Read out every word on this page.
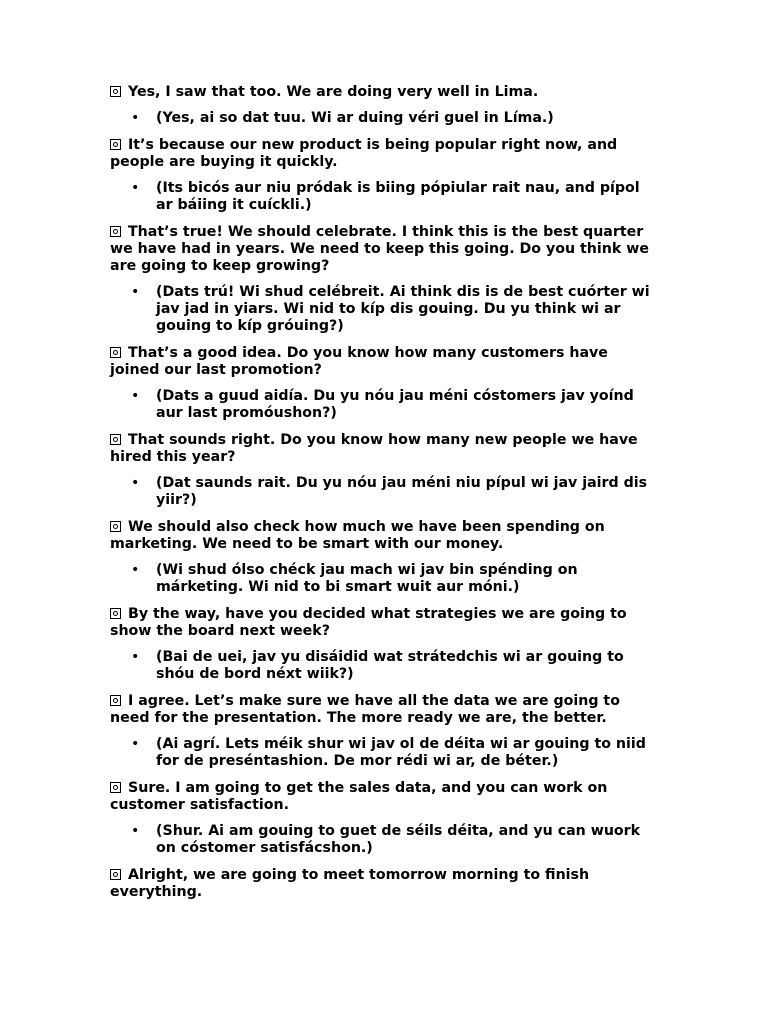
Yes, I saw that too. We are doing very well in Lima.

• (Yes, ai so dat tuu. Wi ar duing véri guel in Líma.)

It’s because our new product is being popular right now, and people are buying it quickly.

• (Its bicós aur niu pródak is biing pópiular rait nau, and pípol ar báiing it cuíckli.)

That’s true! We should celebrate. I think this is the best quarter we have had in years. We need to keep this going. Do you think we are going to keep growing?

• (Dats trú! Wi shud celébreit. Ai think dis is de best cuórter wi jav jad in yiars. Wi nid to kíp dis gouing. Du yu think wi ar gouing to kíp gróuing?)

That’s a good idea. Do you know how many customers have joined our last promotion?

• (Dats a guud aidía. Du yu nóu jau méni cóstomers jav yoínd aur last promóushon?)

That sounds right. Do you know how many new people we have hired this year?

• (Dat saunds rait. Du yu nóu jau méni niu pípul wi jav jaird dis yiir?)

We should also check how much we have been spending on marketing. We need to be smart with our money.

• (Wi shud ólso chéck jau mach wi jav bin spénding on márketing. Wi nid to bi smart wuit aur móni.)

By the way, have you decided what strategies we are going to show the board next week?

• (Bai de uei, jav yu disáidid wat strátedchis wi ar gouing to shóu de bord néxt wiik?)

I agree. Let’s make sure we have all the data we are going to need for the presentation. The more ready we are, the better.

• (Ai agrí. Lets méik shur wi jav ol de déita wi ar gouing to niid for de preséntashion. De mor rédi wi ar, de béter.)

Sure. I am going to get the sales data, and you can work on customer satisfaction.

• (Shur. Ai am gouing to guet de séils déita, and yu can wuork on cóstomer satisfácshon.)

Alright, we are going to meet tomorrow morning to finish everything.
